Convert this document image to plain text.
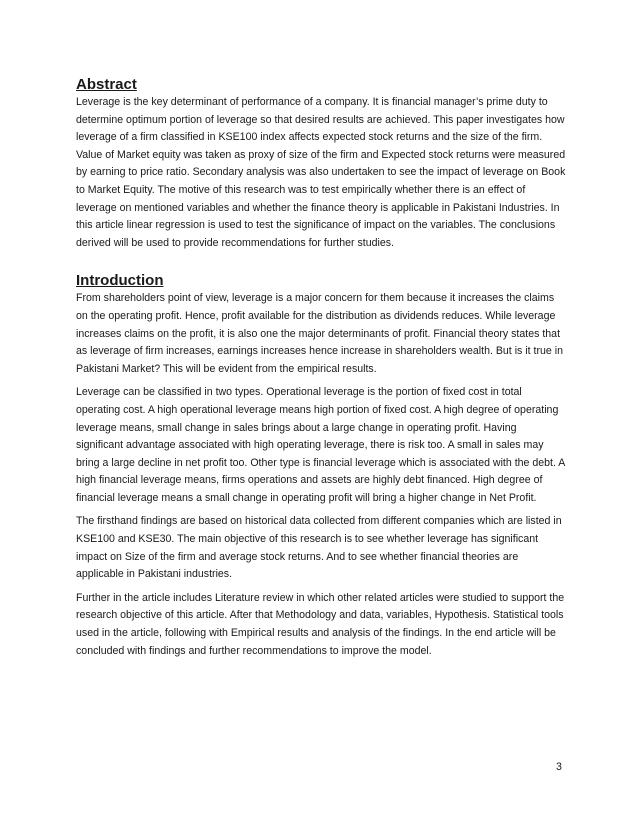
Abstract

Leverage is the key determinant of performance of a company. It is financial manager’s prime duty to determine optimum portion of leverage so that desired results are achieved. This paper investigates how leverage of a firm classified in KSE100 index affects expected stock returns and the size of the firm. Value of Market equity was taken as proxy of size of the firm and Expected stock returns were measured by earning to price ratio. Secondary analysis was also undertaken to see the impact of leverage on Book to Market Equity. The motive of this research was to test empirically whether there is an effect of leverage on mentioned variables and whether the finance theory is applicable in Pakistani Industries. In this article linear regression is used to test the significance of impact on the variables. The conclusions derived will be used to provide recommendations for further studies.

Introduction

From shareholders point of view, leverage is a major concern for them because it increases the claims on the operating profit. Hence, profit available for the distribution as dividends reduces. While leverage increases claims on the profit, it is also one the major determinants of profit. Financial theory states that as leverage of firm increases, earnings increases hence increase in shareholders wealth. But is it true in Pakistani Market? This will be evident from the empirical results.

Leverage can be classified in two types. Operational leverage is the portion of fixed cost in total operating cost. A high operational leverage means high portion of fixed cost. A high degree of operating leverage means, small change in sales brings about a large change in operating profit. Having significant advantage associated with high operating leverage, there is risk too. A small in sales may bring a large decline in net profit too. Other type is financial leverage which is associated with the debt. A high financial leverage means, firms operations and assets are highly debt financed. High degree of financial leverage means a small change in operating profit will bring a higher change in Net Profit.

The firsthand findings are based on historical data collected from different companies which are listed in KSE100 and KSE30. The main objective of this research is to see whether leverage has significant impact on Size of the firm and average stock returns. And to see whether financial theories are applicable in Pakistani industries.

Further in the article includes Literature review in which other related articles were studied to support the research objective of this article. After that Methodology and data, variables, Hypothesis. Statistical tools used in the article, following with Empirical results and analysis of the findings. In the end article will be concluded with findings and further recommendations to improve the model.

3
